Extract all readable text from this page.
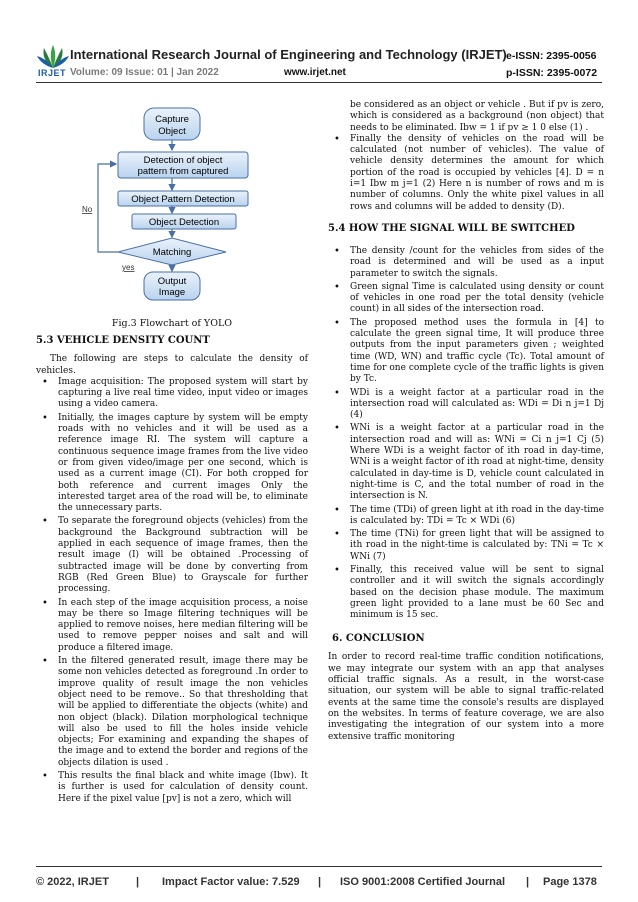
IRJET
International Research Journal of Engineering and Technology (IRJET) e-ISSN: 2395-0056
Volume: 09 Issue: 01 | Jan 2022	www.irjet.net	p-ISSN: 2395-0072
Capture
Object
Detection of object
pattern from captured
Object Pattern Detection
Object Detection
Matching
Output
Image
No
yes
Fig.3 Flowchart of YOLO
5.3 VEHICLE DENSITY COUNT

The following are steps to calculate the density of vehicles.

• Image acquisition: The proposed system will start by capturing a live real time video, input video or images using a video camera.
• Initially, the images capture by system will be empty roads with no vehicles and it will be used as a reference image RI. The system will capture a continuous sequence image frames from the live video or from given video/image per one second, which is used as a current image (CI). For both cropped for both reference and current images Only the interested target area of the road will be, to eliminate the unnecessary parts.
• To separate the foreground objects (vehicles) from the background the Background subtraction will be applied in each sequence of image frames, then the result image (I) will be obtained .Processing of subtracted image will be done by converting from RGB (Red Green Blue) to Grayscale for further processing.
• In each step of the image acquisition process, a noise may be there so Image filtering techniques will be applied to remove noises, here median filtering will be used to remove pepper noises and salt and will produce a filtered image.
• In the filtered generated result, image there may be some non vehicles detected as foreground .In order to improve quality of result image the non vehicles object need to be remove.. So that thresholding that will be applied to differentiate the objects (white) and non object (black). Dilation morphological technique will also be used to fill the holes inside vehicle objects; For examining and expanding the shapes of the image and to extend the border and regions of the objects dilation is used .
• This results the final black and white image (Ibw). It is further is used for calculation of density count. Here if the pixel value [pv] is not a zero, which will

be considered as an object or vehicle . But if pv is zero, which is considered as a background (non object) that needs to be eliminated. Ibw = 1 if pv ≥ 1 0 else (1) .

• Finally the density of vehicles on the road will be calculated (not number of vehicles). The value of vehicle density determines the amount for which portion of the road is occupied by vehicles [4]. D = n i=1 Ibw m j=1 (2) Here n is number of rows and m is number of columns. Only the white pixel values in all rows and columns will be added to density (D).
5.4 HOW THE SIGNAL WILL BE SWITCHED
• The density /count for the vehicles from sides of the road is determined and will be used as a input parameter to switch the signals.
• Green signal Time is calculated using density or count of vehicles in one road per the total density (vehicle count) in all sides of the intersection road.
• The proposed method uses the formula in [4] to calculate the green signal time, It will produce three outputs from the input parameters given ; weighted time (WD, WN) and traffic cycle (Tc). Total amount of time for one complete cycle of the traffic lights is given by Tc.
• WDi is a weight factor at a particular road in the intersection road will calculated as: WDi = Di n j=1 Dj (4)
• WNi is a weight factor at a particular road in the intersection road and will as: WNi = Ci n j=1 Cj (5) Where WDi is a weight factor of ith road in day-time, WNi is a weight factor of ith road at night-time, density calculated in day-time is D, vehicle count calculated in night-time is C, and the total number of road in the intersection is N.
• The time (TDi) of green light at ith road in the day-time is calculated by: TDi = Tc × WDi (6)
• The time (TNi) for green light that will be assigned to ith road in the night-time is calculated by: TNi = Tc × WNi (7)
• Finally, this received value will be sent to signal controller and it will switch the signals accordingly based on the decision phase module. The maximum green light provided to a lane must be 60 Sec and minimum is 15 sec.
6. CONCLUSION

In order to record real-time traffic condition notifications, we may integrate our system with an app that analyses official traffic signals. As a result, in the worst-case situation, our system will be able to signal traffic-related events at the same time the console's results are displayed on the websites. In terms of feature coverage, we are also investigating the integration of our system into a more extensive traffic monitoring

© 2022, IRJET | Impact Factor value: 7.529 | ISO 9001:2008 Certified Journal | Page 1378
